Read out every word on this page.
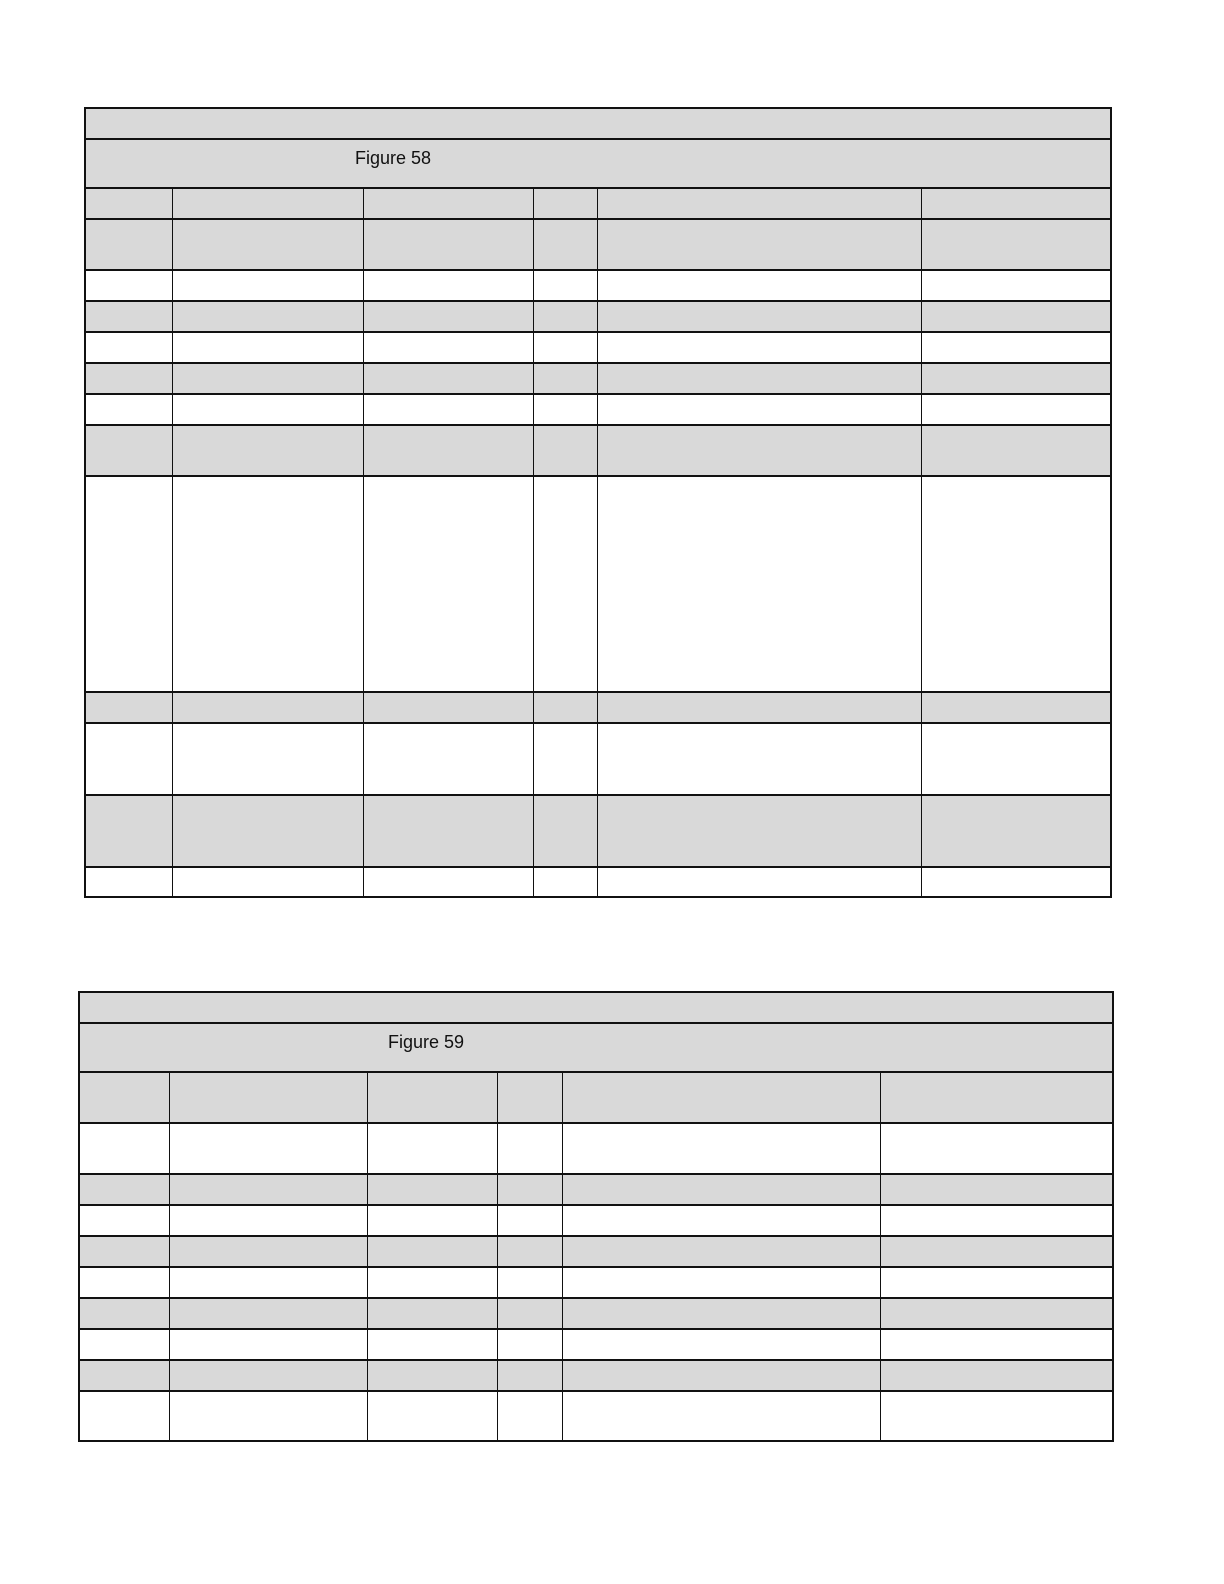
Figure 58
Figure 59
